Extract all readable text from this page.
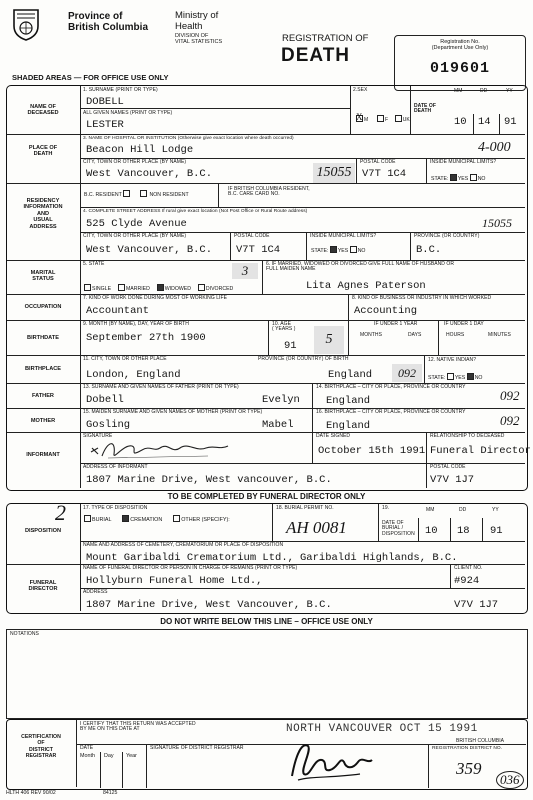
Province of
British Columbia
Ministry of
Health
DIVISION OF
VITAL STATISTICS	REGISTRATION OF
DEATH
Registration No.
(Department Use Only)
019601
SHADED AREAS — FOR OFFICE USE ONLY
NAME OF
DECEASED
1. SURNAME (PRINT OR TYPE)
DOBELL
ALL GIVEN NAMES (PRINT OR TYPE)
LESTER
2.SEX
X M	F	UK
DATE OF
DEATH
MM	DD	YY
10 14 91
PLACE OF
DEATH
3. NAME OF HOSPITAL OR INSTITUTION (Otherwise give exact location where death occurred)
Beacon Hill Lodge	4-000
CITY, TOWN OR OTHER PLACE (BY NAME)
West Vancouver, B.C.	15055
POSTAL CODE
V7T 1C4
INSIDE MUNICIPAL LIMITS?
STATE: YES NO
RESIDENCY
INFORMATION
AND
USUAL
ADDRESS
B.C. RESIDENT	NON RESIDENT
IF BRITISH COLUMBIA RESIDENT,
B.C. CARE CARD NO.
4. COMPLETE STREET ADDRESS If rural give exact location (Not Post Office or Rural Route address)
525 Clyde Avenue	15055
CITY, TOWN OR OTHER PLACE (BY NAME)
West Vancouver, B.C.
POSTAL CODE
V7T 1C4
INSIDE MUNICIPAL LIMITS?
STATE: YES NO
PROVINCE (OR COUNTRY)
B.C.
MARITAL
STATUS
5. STATE	3
SINGLE	MARRIED	WIDOWED	DIVORCED
6. IF MARRIED, WIDOWED OR DIVORCED GIVE FULL NAME OF HUSBAND OR
FULL MAIDEN NAME
Lita Agnes Paterson
OCCUPATION
7. KIND OF WORK DONE DURING MOST OF WORKING LIFE
Accountant
8. KIND OF BUSINESS OR INDUSTRY IN WHICH WORKED
Accounting
BIRTHDATE
9. MONTH (BY NAME), DAY, YEAR OF BIRTH
September 27th 1900
10. AGE
( YEARS )
91	5
IF UNDER 1 YEAR
MONTHS	DAYS
IF UNDER 1 DAY
HOURS	MINUTES
BIRTHPLACE
11. CITY, TOWN OR OTHER PLACE
London, England
PROVINCE (OR COUNTRY) OF BIRTH
England	092
12. NATIVE INDIAN?
STATE: YES NO
FATHER
13. SURNAME AND GIVEN NAMES OF FATHER (PRINT OR TYPE)
Dobell	Evelyn
14. BIRTHPLACE – CITY OR PLACE, PROVINCE OR COUNTRY
England	092
MOTHER
15. MAIDEN SURNAME AND GIVEN NAMES OF MOTHER (PRINT OR TYPE)
Gosling	Mabel
16. BIRTHPLACE – CITY OR PLACE, PROVINCE OR COUNTRY
England	092
INFORMANT
SIGNATURE	DATE SIGNED
October 15th 1991
RELATIONSHIP TO DECEASED
Funeral Director
ADDRESS OF INFORMANT
1807 Marine Drive, West vancouver, B.C.
POSTAL CODE
V7V 1J7
TO BE COMPLETED BY FUNERAL DIRECTOR ONLY
2
DISPOSITION
17. TYPE OF DISPOSITION
BURIAL	CREMATION	OTHER (SPECIFY):
18. BURIAL PERMIT NO.
AH 0081
19.
DATE OF
BURIAL /
DISPOSITION
MM	DD	YY
10 18 91
NAME AND ADDRESS OF CEMETERY, CREMATORIUM OR PLACE OF DISPOSITION
Mount Garibaldi Crematorium Ltd., Garibaldi Highlands, B.C.
FUNERAL
DIRECTOR
NAME OF FUNERAL DIRECTOR OR PERSON IN CHARGE OF REMAINS (PRINT OR TYPE)
Hollyburn Funeral Home Ltd.,
CLIENT NO.
#924
ADDRESS
1807 Marine Drive, West Vancouver, B.C.	V7V 1J7
DO NOT WRITE BELOW THIS LINE – OFFICE USE ONLY
NOTATIONS
CERTIFICATION
OF
DISTRICT
REGISTRAR
I CERTIFY THAT THIS RETURN WAS ACCEPTED
BY ME ON THIS DATE AT	NORTH VANCOUVER OCT 15 1991
BRITISH COLUMBIA
DATE
Month Day Year
SIGNATURE OF DISTRICT REGISTRAR	REGISTRATION DISTRICT NO.
359
036
HLTH 406 REV 90/02	84125
